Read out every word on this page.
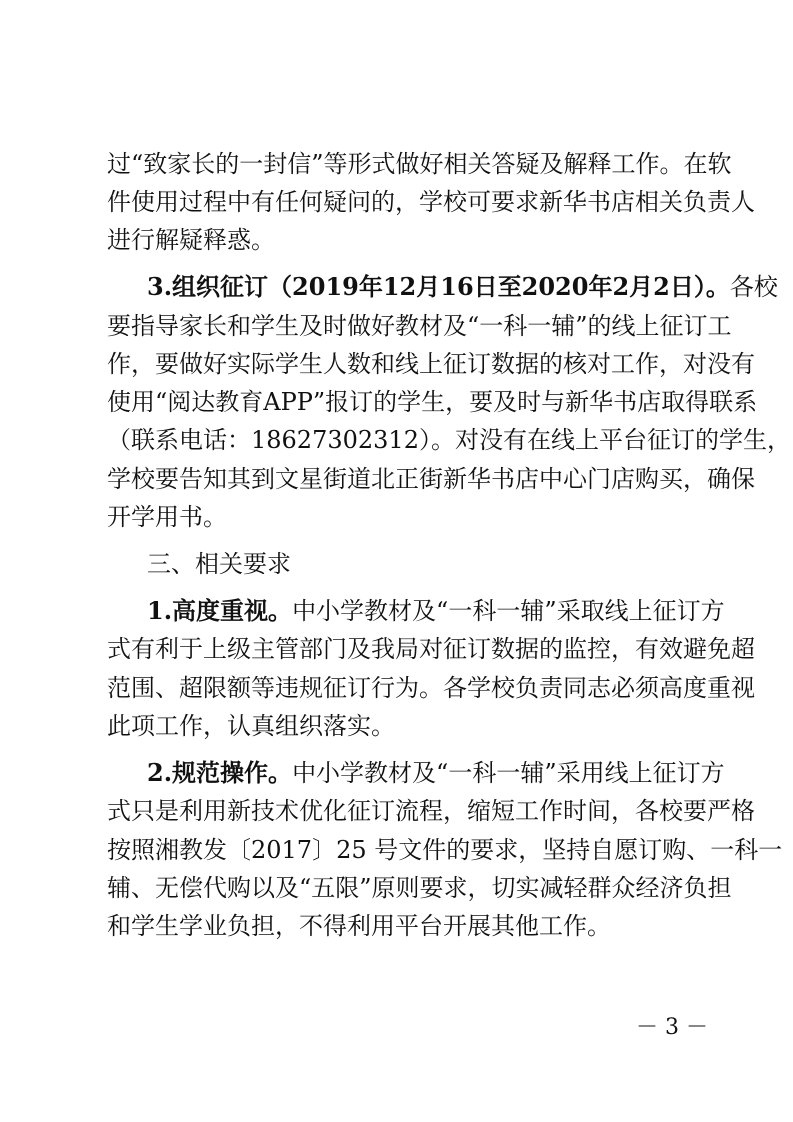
过“致家长的一封信”等形式做好相关答疑及解释工作。在软
件使用过程中有任何疑问的，学校可要求新华书店相关负责人
进行解疑释惑。
3.组织征订（2019年12月16日至2020年2月2日）。各校
要指导家长和学生及时做好教材及“一科一辅”的线上征订工
作，要做好实际学生人数和线上征订数据的核对工作，对没有
使用“阅达教育APP”报订的学生，要及时与新华书店取得联系
（联系电话：18627302312）。对没有在线上平台征订的学生，
学校要告知其到文星街道北正街新华书店中心门店购买，确保
开学用书。
三、相关要求
1.高度重视。中小学教材及“一科一辅”采取线上征订方
式有利于上级主管部门及我局对征订数据的监控，有效避免超
范围、超限额等违规征订行为。各学校负责同志必须高度重视
此项工作，认真组织落实。
2.规范操作。中小学教材及“一科一辅”采用线上征订方
式只是利用新技术优化征订流程，缩短工作时间，各校要严格
按照湘教发〔2017〕25 号文件的要求，坚持自愿订购、一科一
辅、无偿代购以及“五限”原则要求，切实减轻群众经济负担
和学生学业负担，不得利用平台开展其他工作。
－ 3 －
